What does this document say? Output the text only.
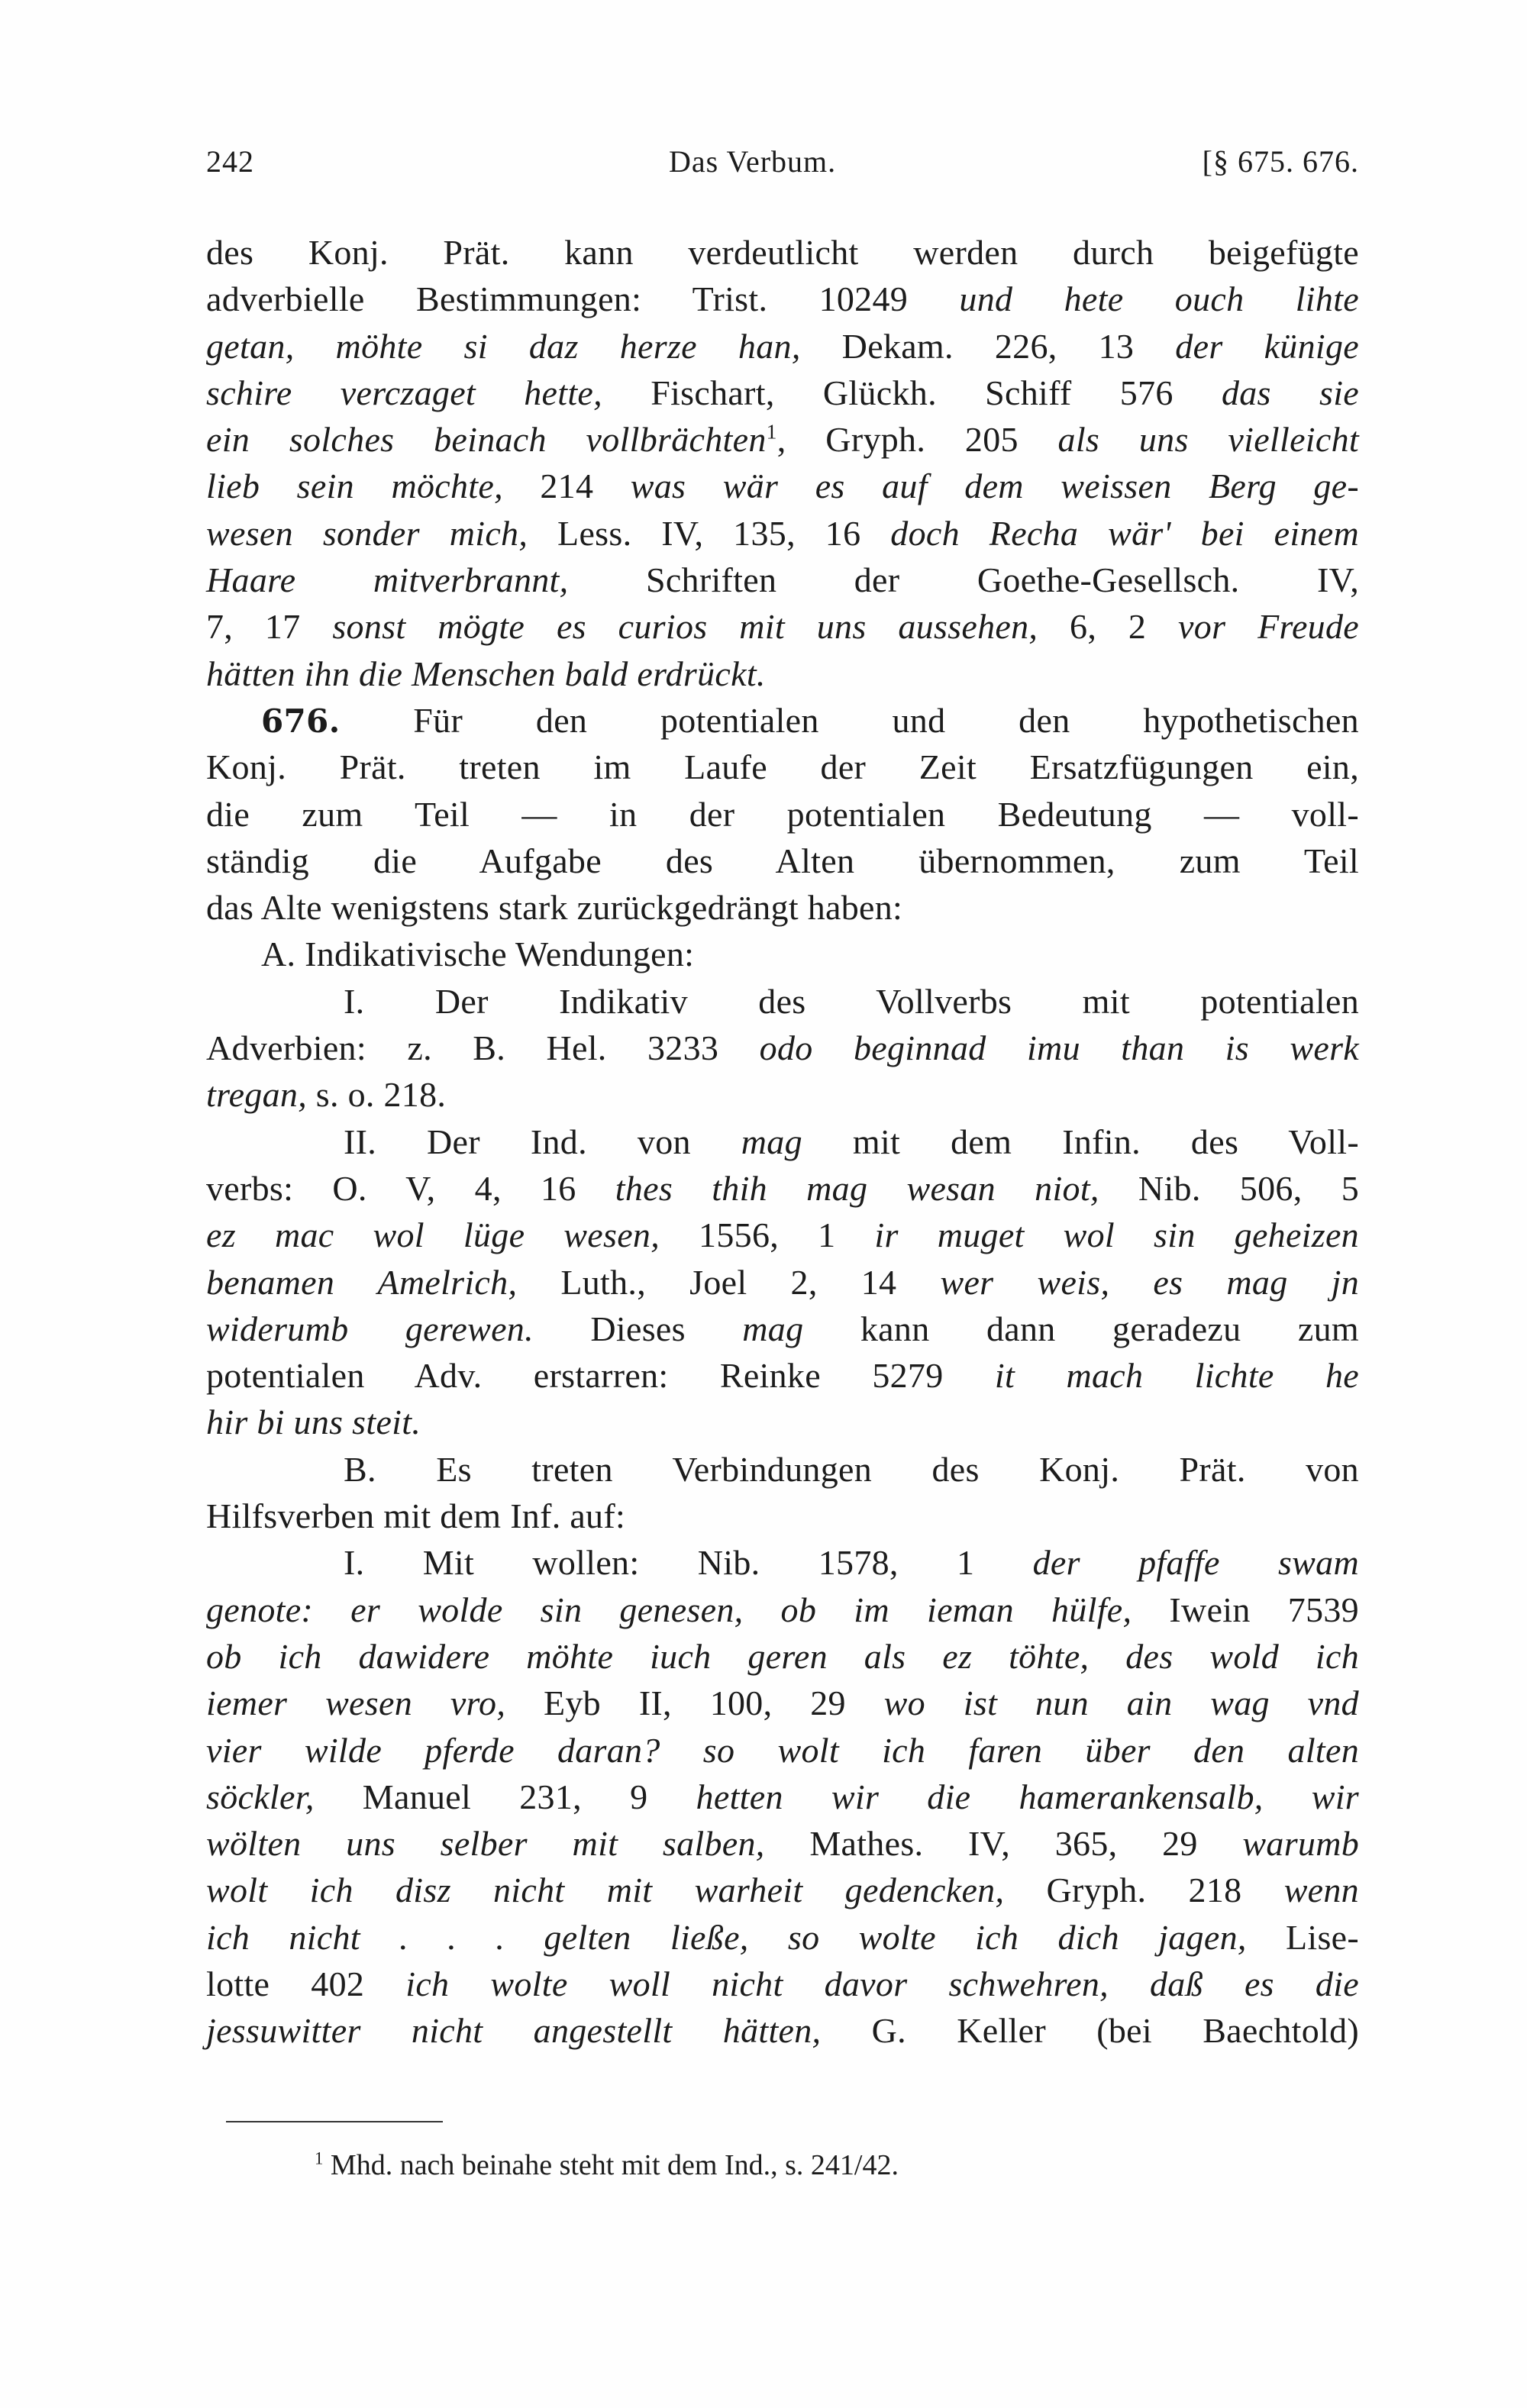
242	Das Verbum.	[§ 675. 676.
des Konj. Prät. kann verdeutlicht werden durch beigefügte
adverbielle Bestimmungen: Trist. 10249 und hete ouch lihte
getan, möhte si daz herze han, Dekam. 226, 13 der künige
schire verczaget hette, Fischart, Glückh. Schiff 576 das sie
ein solches beinach vollbrächten$^1$, Gryph. 205 als uns vielleicht
lieb sein möchte, 214 was wär es auf dem weissen Berg ge-
wesen sonder mich, Less. IV, 135, 16 doch Recha wär' bei einem
Haare mitverbrannt, Schriften der Goethe-Gesellsch. IV,
7, 17 sonst mögte es curios mit uns aussehen, 6, 2 vor Freude
hätten ihn die Menschen bald erdrückt.
676. Für den potentialen und den hypothetischen
Konj. Prät. treten im Laufe der Zeit Ersatzfügungen ein,
die zum Teil — in der potentialen Bedeutung — voll-
ständig die Aufgabe des Alten übernommen, zum Teil
das Alte wenigstens stark zurückgedrängt haben:
A. Indikativische Wendungen:
I. Der Indikativ des Vollverbs mit potentialen
Adverbien: z. B. Hel. 3233 odo beginnad imu than is werk
tregan, s. o. 218.
II. Der Ind. von mag mit dem Infin. des Voll-
verbs: O. V, 4, 16 thes thih mag wesan niot, Nib. 506, 5
ez mac wol lüge wesen, 1556, 1 ir muget wol sin geheizen
benamen Amelrich, Luth., Joel 2, 14 wer weis, es mag jn
widerumb gerewen. Dieses mag kann dann geradezu zum
potentialen Adv. erstarren: Reinke 5279 it mach lichte he
hir bi uns steit.
B. Es treten Verbindungen des Konj. Prät. von
Hilfsverben mit dem Inf. auf:
I. Mit wollen: Nib. 1578, 1 der pfaffe swam
genote: er wolde sin genesen, ob im ieman hülfe, Iwein 7539
ob ich dawidere möhte iuch geren als ez töhte, des wold ich
iemer wesen vro, Eyb II, 100, 29 wo ist nun ain wag vnd
vier wilde pferde daran? so wolt ich faren über den alten
söckler, Manuel 231, 9 hetten wir die hamerankensalb, wir
wölten uns selber mit salben, Mathes. IV, 365, 29 warumb
wolt ich disz nicht mit warheit gedencken, Gryph. 218 wenn
ich nicht . . . gelten ließe, so wolte ich dich jagen, Lise-
lotte 402 ich wolte woll nicht davor schwehren, daß es die
jessuwitter nicht angestellt hätten, G. Keller (bei Baechtold)
$^1$ Mhd. nach beinahe steht mit dem Ind., s. 241/42.
